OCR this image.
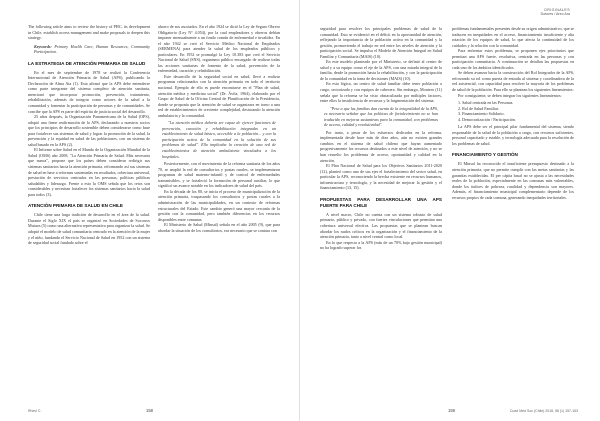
The following article aims to review the history of PHC, its development in Chile, establish access management and make proposals to deepen this strategy.

Keywords: Primary Health Care, Human Resources, Community Participation.

LA ESTRATEGIA DE ATENCIÓN PRIMARIA DE SALUD

En el mes de septiembre de 1978 se realizó la Conferencia Internacional de Atención Primaria de Salud (APS), publicando la Declaración de Alma Ata (1). Esta afirmó que la APS debe entenderse como parte integrante del sistema completo de atención sanitaria, mencionó que incorporar promoción, prevención, tratamiento, rehabilitación, además de integrar como actores de la salud a la comunidad y fomentar la participación de personas y de comunidades. Se concibe que la APS es parte del espíritu de justicia social del desarrollo.

25 años después, la Organización Panamericana de la Salud (OPS), adoptó una firme reafirmación de la APS, declarando a nuestros socios que los principios de desarrollo sostenible deben considerarse como base para fortalecer sus sistemas de salud y lograr la promoción de la salud, la prevención y la equidad en salud de las poblaciones, con un sistema de salud basado en la APS (2).

El Informe sobre Salud en el Mundo de la Organización Mundial de la Salud (OMS) año 2008, "La Atención Primaria de Salud: Más necesaria que nunca", propone que los países deben considerar redirigir sus sistemas sanitarios hacia la atención primaria, reformando así sus sistemas de salud en base a reformas sustentadas en resultados, cobertura universal, prestación de servicios centrados en las personas, políticas públicas saludables y liderazgo. Frente a esto la OMS señala que los retos son considerables y necesitan fortalecer los sistemas sanitarios hacia la salud para todos (3).

ATENCIÓN PRIMARIA DE SALUD EN CHILE

Chile tiene una larga tradición de desarrollo en el área de la salud. Durante el Siglo XIX el país se organizó en Sociedades de Socorros Mutuos (5) como una alternativa representativa para organizar la salud. Se adoptó el modelo de salud comunitaria centrado en la atención de la mujer y el niño, fundando el Servicio Nacional de Salud en 1952 con un sistema de seguridad social fundado sobre el

ahorro de sus asociados. En el año 1924 se dictó la Ley de Seguro Obrero Obligatorio (Ley N° 4.054), por la cual empleadores y obreros debían imponer mensualmente a un fondo común de enfermedad e invalidez. En el año 1942 se creó el Servicio Médico Nacional de Empleados (SERMENA) para atender la salud de los empleados públicos y particulares. En 1952 se promulgó la Ley 10.383 que creó el Servicio Nacional de Salud (SNS), organismo público encargado de realizar todas las acciones sanitarias de fomento de la salud, prevención de la enfermedad, curación y rehabilitación.

Este desarrollo de la seguridad social en salud, llevó a realizar programas relacionados con la atención primaria en todo el territorio nacional. Ejemplo de ello es puede encontrarse en el "Plan de salud, atención médica y medicina social" (Dr. Ávila, 1964), elaborado por el Grupo de Salud de la Oficina Central de Planificación de la Presidencia, donde se proponía que la atención de salud se organizara en torno a una red de establecimientos de creciente complejidad, destacando la atención ambulatoria y la comunidad.

"La atención médica debería ser capaz de ejercer funciones de prevención, curación y rehabilitación integradas en un establecimiento de salud básico, accesible a la población... y con la participación activa de la comunidad en la solución de sus problemas de salud". Ello implicaba la creación de una red de establecimientos de atención ambulatoria vinculados a los hospitales.

Posteriormente, con el movimiento de la reforma sanitaria de los años 70, se amplió la red de consultorios y postas rurales, se implementaron programas de salud materno-infantil y de control de enfermedades transmisibles, y se fortaleció la formación de personal auxiliar, lo que significó un avance notable en los indicadores de salud del país.

En la década de los 80, se inicia el proceso de municipalización de la atención primaria, traspasando los consultorios y postas rurales a la administración de las municipalidades, en un contexto de reformas estructurales del Estado. Este cambio generó una mayor cercanía de la gestión con la comunidad, pero también diferencias en los recursos disponibles entre comunas.

El Ministerio de Salud (Minsal) señala en el año 2005 (9), que para abordar la situación de los consultorios, era necesario que se contara con

Rhevi C.	158
ORIGINALES
Dotores / Areo Ara

seguridad para resolver los principales problemas de salud de la comunidad. Esto se evidenció en el déficit en la oportunidad de atención, reflejando la importancia de la población activa en la comunidad y la gestión, promoviendo el trabajo en red entre los niveles de atención y la participación social. Se impulsa el Modelo de Atención Integral en Salud Familiar y Comunitaria (MAIS) (10).

En este modelo planteado por el Ministerio, se definió al centro de salud y a su equipo como el eje de la APS, con una mirada integral de la familia, desde la promoción hasta la rehabilitación, y con la participación de la comunidad en la toma de decisiones (MAIS) (10).

En esta lógica, un centro de salud familiar debe tener población a cargo, sectorizada y con equipos de cabecera. Sin embargo, Montero (11) señala que la reforma se ha visto obstaculizada por múltiples factores, entre ellos la insuficiencia de recursos y la fragmentación del sistema.

"Pese a que las familias dan cuenta de la integralidad de la APS, es necesario señalar que las políticas de fortalecimiento no se han traducido en mejoras sustantivas para la comunidad, con problemas de acceso, calidad y resolutividad".

Por tanto, a pesar de los esfuerzos dedicados en la reforma, implementada desde hace más de diez años, aún no existen grandes cambios en el sistema de salud chileno que hayan aumentado progresivamente los recursos destinados a este nivel de atención, y no se han resuelto los problemas de acceso, oportunidad y calidad en la atención.

El Plan Nacional de Salud para los Objetivos Sanitarios 2011-2020 (12), planteó como uno de sus ejes el fortalecimiento del sector salud, en particular la APS, reconociendo la brecha existente en recursos humanos, infraestructura y tecnología, y la necesidad de mejorar la gestión y el financiamiento (13, 15).

PROPUESTAS PARA DESARROLLAR UNA APS FUERTE PARA CHILE

A nivel macro, Chile no cuenta con un sistema robusto de salud primario, público y privado, con fuertes vinculaciones que permitan una cobertura universal efectiva. Las propuestas que se plantean buscan abordar los nudos críticos en la organización y el financiamiento de la atención primaria, tanto a nivel central como local.

En lo que respecta a la APS (más de un 70% bajo gestión municipal) no ha logrado superar los

problemas fundamentales presentes desde su origen administrativo, que se traducen en inequidades en el acceso, financiamiento insuficiente y alta rotación de los equipos de salud, lo que afecta la continuidad de los cuidados y la relación con la comunidad.

Para enfrentar estos problemas, se proponen ejes prioritarios que permitan una APS fuerte, resolutiva, centrada en las personas y con participación comunitaria. A continuación se detallan las propuestas en cada uno de los ámbitos identificados.

Se deben avanzar hacia la construcción del Rol Integrador de la APS, reforzando su rol como puerta de entrada al sistema y coordinadora de la red asistencial, con capacidad para resolver la mayoría de los problemas de salud de la población. Para ello se plantean los siguientes lineamientos:

Por consiguiente, se deben integrar los siguientes lineamientos:

1. Salud centrada en las Personas.
2. Rol de Salud Familiar.
3. Financiamiento Solidario.
4. Democratización / Participación.

La APS debe ser el principal pilar fundamental del sistema, siendo responsable de la salud de la población a cargo, con recursos suficientes, personal capacitado y estable, y tecnología adecuada para la resolución de los problemas de salud.

FINANCIAMIENTO Y GESTIÓN

El Minsal ha reconocido el insuficiente presupuesto destinado a la atención primaria, que no permite cumplir con las metas sanitarias y las garantías establecidas. El per cápita basal no se ajusta a las necesidades reales de la población, especialmente en las comunas más vulnerables, donde los índices de pobreza, ruralidad y dependencia son mayores. Además, el financiamiento municipal complementario depende de los recursos propios de cada comuna, generando inequidades territoriales.

159	Cuad Méd Soc (Chile) 2018, 58 (1) 157-163
